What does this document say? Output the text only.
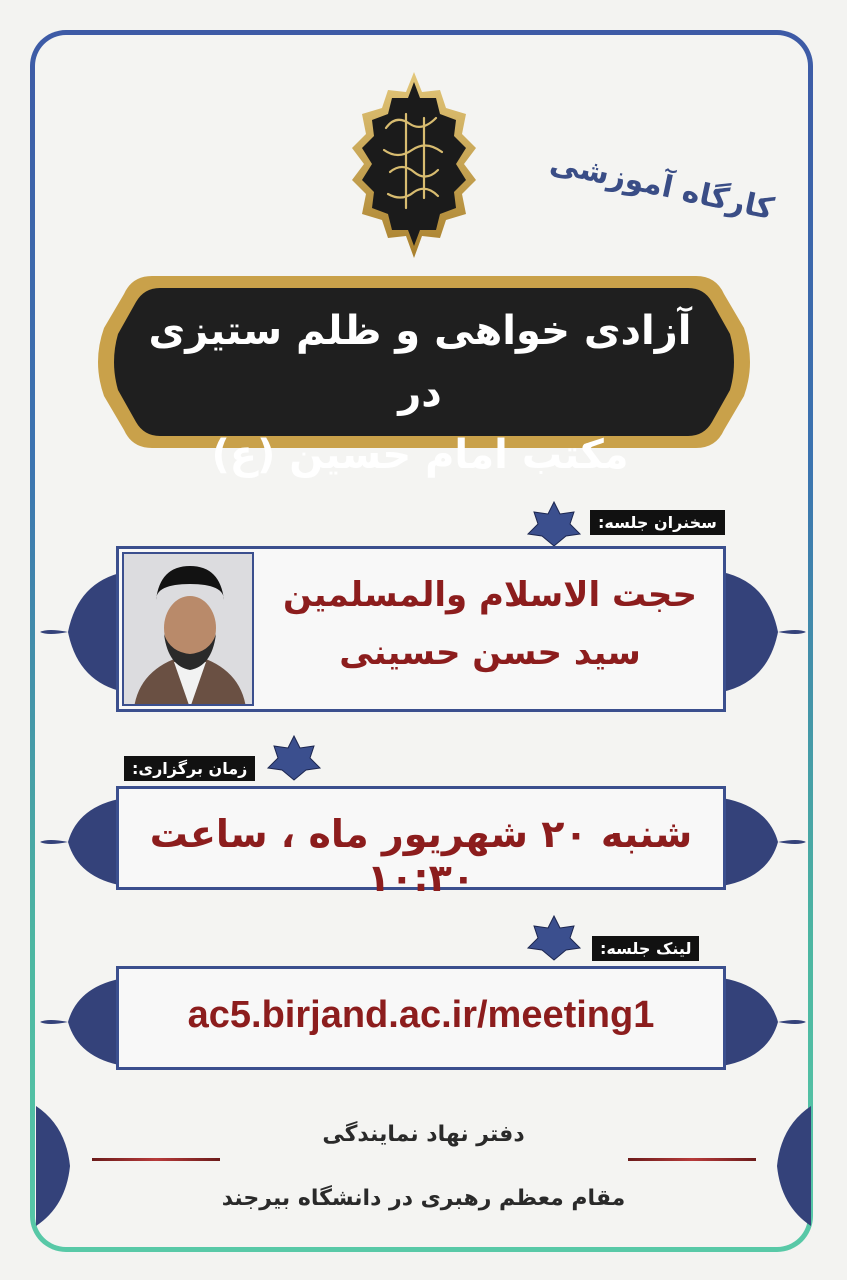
کارگاه آموزشی
آزادی خواهی و ظلم ستیزی در
مکتب امام حسین (ع)
سخنران جلسه:
حجت الاسلام والمسلمین
سید حسن حسینی
زمان برگزاری:
شنبه ۲۰ شهریور ماه ، ساعت ۱۰:۳۰
لینک جلسه:
ac5.birjand.ac.ir/meeting1
دفتر نهاد نمایندگی
مقام معظم رهبری در دانشگاه بیرجند
